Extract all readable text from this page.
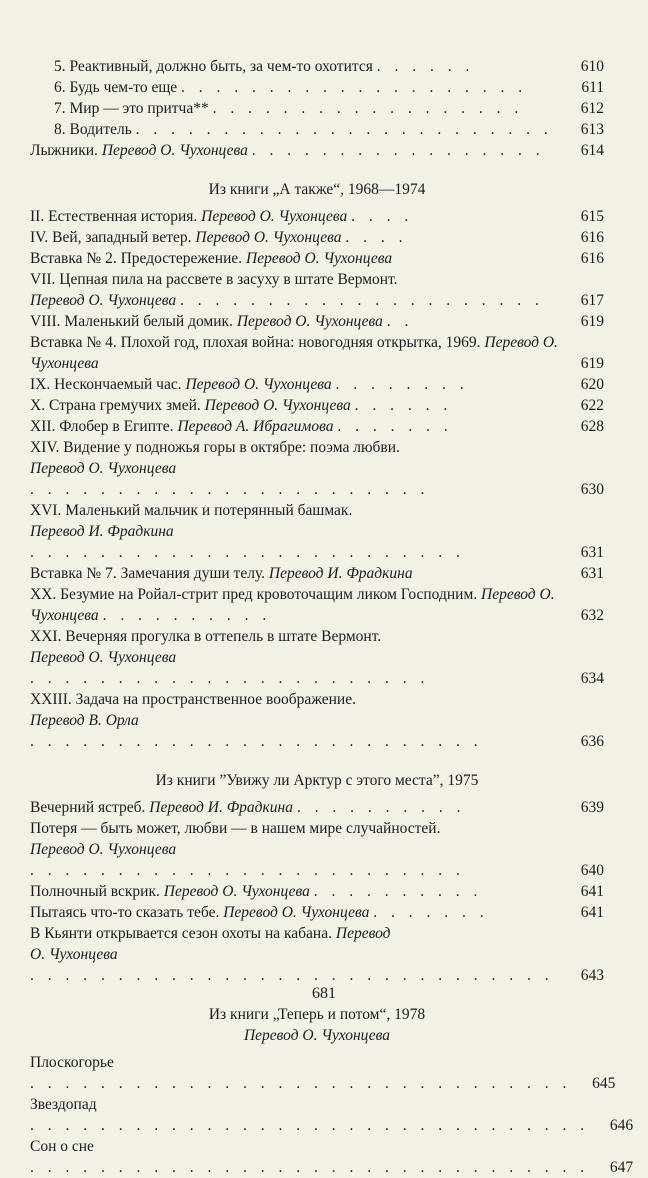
5. Реактивный, должно быть, за чем-то охотится . . . . . .	610
6. Будь чем-то еще . . . . . . . . . . . . . . . . . . . .	611
7. Мир — это притча** . . . . . . . . . . . . . . . . . .	612
8. Водитель . . . . . . . . . . . . . . . . . . . . . . . .	613
Лыжники. Перевод О. Чухонцева . . . . . . . . . . . . . . . . .	614
Из книги „А также“, 1968—1974
II. Естественная история. Перевод О. Чухонцева . . . .	615
IV. Вей, западный ветер. Перевод О. Чухонцева . . . .	616
Вставка № 2. Предостережение. Перевод О. Чухонцева	616
VII. Цепная пила на рассвете в засуху в штате Вермонт.
Перевод О. Чухонцева . . . . . . . . . . . . . . . . . . . . .	617
VIII. Маленький белый домик. Перевод О. Чухонцева . .	619
Вставка № 4. Плохой год, плохая война: новогодняя открытка, 1969. Перевод О. Чухонцева	619
IX. Нескончаемый час. Перевод О. Чухонцева . . . . . . . .	620
X. Страна гремучих змей. Перевод О. Чухонцева . . . . . .	622
XII. Флобер в Египте. Перевод А. Ибрагимова . . . . . . .	628
XIV. Видение у подножья горы в октябре: поэма любви.
Перевод О. Чухонцева . . . . . . . . . . . . . . . . . . . . . . .	630
XVI. Маленький мальчик и потерянный башмак.
Перевод И. Фрадкина . . . . . . . . . . . . . . . . . . . . . . . . .	631
Вставка № 7. Замечания души телу. Перевод И. Фрадкина	631
XX. Безумие на Ройал-стрит пред кровоточащим ликом Господним. Перевод О. Чухонцева . . . . . . . . . .	632
XXI. Вечерняя прогулка в оттепель в штате Вермонт.
Перевод О. Чухонцева . . . . . . . . . . . . . . . . . . . . . . .	634
XXIII. Задача на пространственное воображение.
Перевод В. Орла . . . . . . . . . . . . . . . . . . . . . . . . . .	636
Из книги ”Увижу ли Арктур с этого места”, 1975
Вечерний ястреб. Перевод И. Фрадкина . . . . . . . . . .	639
Потеря — быть может, любви — в нашем мире случайностей.
Перевод О. Чухонцева . . . . . . . . . . . . . . . . . . . . . . . . .	640
Полночный вскрик. Перевод О. Чухонцева . . . . . . . . . .	641
Пытаясь что-то сказать тебе. Перевод О. Чухонцева . . . . . . .	641
В Кьянти открывается сезон охоты на кабана. Перевод
О. Чухонцева . . . . . . . . . . . . . . . . . . . . . . . . . . . . . .	643
Из книги „Теперь и потом“, 1978
Перевод О. Чухонцева
Плоскогорье . . . . . . . . . . . . . . . . . . . . . . . . . . . . . . .	645
Звездопад . . . . . . . . . . . . . . . . . . . . . . . . . . . . . . . .	646
Сон о сне . . . . . . . . . . . . . . . . . . . . . . . . . . . . . . . .	647
681
